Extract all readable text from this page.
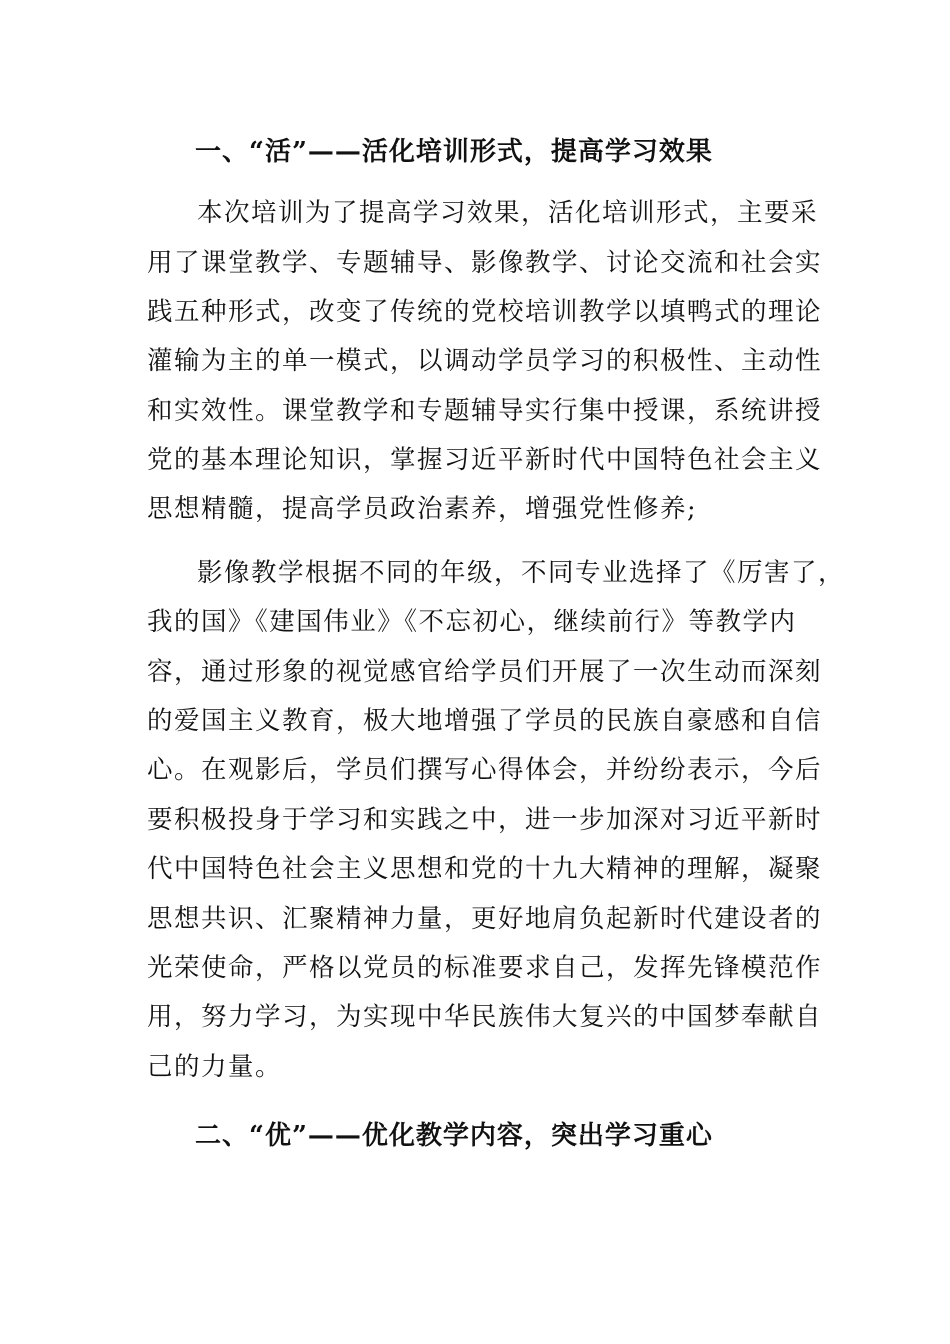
一、“活”——活化培训形式，提高学习效果
本次培训为了提高学习效果，活化培训形式，主要采
用了课堂教学、专题辅导、影像教学、讨论交流和社会实
践五种形式，改变了传统的党校培训教学以填鸭式的理论
灌输为主的单一模式，以调动学员学习的积极性、主动性
和实效性。课堂教学和专题辅导实行集中授课，系统讲授
党的基本理论知识，掌握习近平新时代中国特色社会主义
思想精髓，提高学员政治素养，增强党性修养;
影像教学根据不同的年级，不同专业选择了《厉害了，
我的国》《建国伟业》《不忘初心，继续前行》等教学内
容，通过形象的视觉感官给学员们开展了一次生动而深刻
的爱国主义教育，极大地增强了学员的民族自豪感和自信
心。在观影后，学员们撰写心得体会，并纷纷表示，今后
要积极投身于学习和实践之中，进一步加深对习近平新时
代中国特色社会主义思想和党的十九大精神的理解，凝聚
思想共识、汇聚精神力量，更好地肩负起新时代建设者的
光荣使命，严格以党员的标准要求自己，发挥先锋模范作
用，努力学习，为实现中华民族伟大复兴的中国梦奉献自
己的力量。
二、“优”——优化教学内容，突出学习重心
